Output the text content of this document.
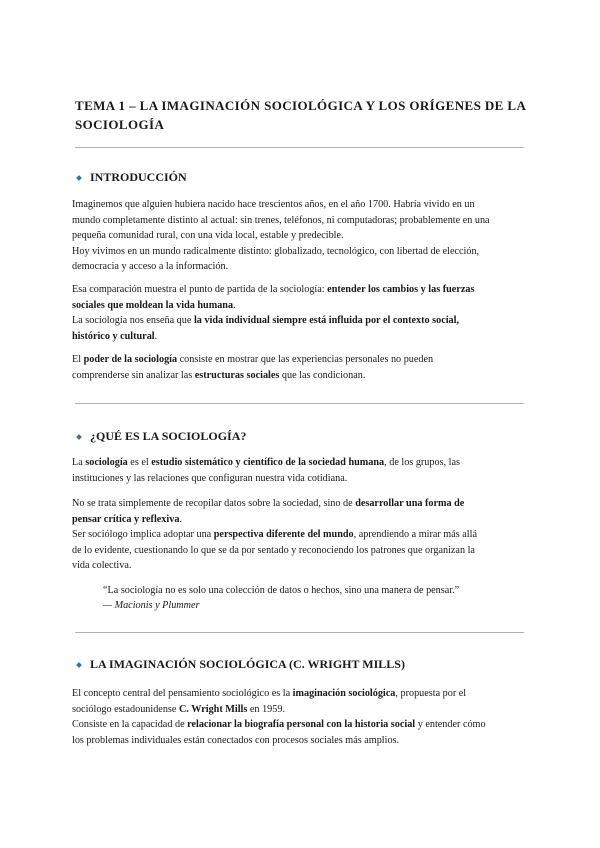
TEMA 1 – LA IMAGINACIÓN SOCIOLÓGICA Y LOS ORÍGENES DE LA
SOCIOLOGÍA
INTRODUCCIÓN
Imaginemos que alguien hubiera nacido hace trescientos años, en el año 1700. Habría vivido en un
mundo completamente distinto al actual: sin trenes, teléfonos, ni computadoras; probablemente en una
pequeña comunidad rural, con una vida local, estable y predecible.
Hoy vivimos en un mundo radicalmente distinto: globalizado, tecnológico, con libertad de elección,
democracia y acceso a la información.
Esa comparación muestra el punto de partida de la sociología: entender los cambios y las fuerzas
sociales que moldean la vida humana.
La sociología nos enseña que la vida individual siempre está influida por el contexto social,
histórico y cultural.
El poder de la sociología consiste en mostrar que las experiencias personales no pueden
comprenderse sin analizar las estructuras sociales que las condicionan.
¿QUÉ ES LA SOCIOLOGÍA?
La sociología es el estudio sistemático y científico de la sociedad humana, de los grupos, las
instituciones y las relaciones que configuran nuestra vida cotidiana.
No se trata simplemente de recopilar datos sobre la sociedad, sino de desarrollar una forma de
pensar crítica y reflexiva.
Ser sociólogo implica adoptar una perspectiva diferente del mundo, aprendiendo a mirar más allá
de lo evidente, cuestionando lo que se da por sentado y reconociendo los patrones que organizan la
vida colectiva.
“La sociología no es solo una colección de datos o hechos, sino una manera de pensar.”
— Macionis y Plummer
LA IMAGINACIÓN SOCIOLÓGICA (C. WRIGHT MILLS)
El concepto central del pensamiento sociológico es la imaginación sociológica, propuesta por el
sociólogo estadounidense C. Wright Mills en 1959.
Consiste en la capacidad de relacionar la biografía personal con la historia social y entender cómo
los problemas individuales están conectados con procesos sociales más amplios.
